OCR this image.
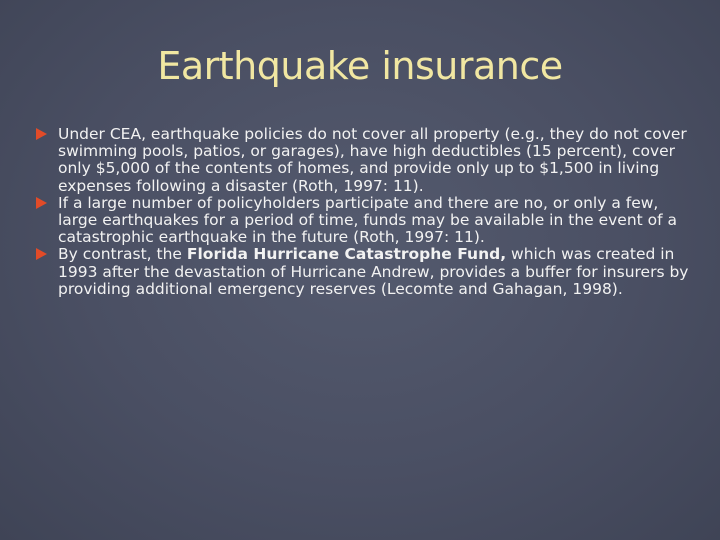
Earthquake insurance
Under CEA, earthquake policies do not cover all property (e.g., they do not cover swimming pools, patios, or garages), have high deductibles (15 percent), cover only $5,000 of the contents of homes, and provide only up to $1,500 in living expenses following a disaster (Roth, 1997: 11).
If a large number of policyholders participate and there are no, or only a few, large earthquakes for a period of time, funds may be available in the event of a catastrophic earthquake in the future (Roth, 1997: 11).
By contrast, the Florida Hurricane Catastrophe Fund, which was created in 1993 after the devastation of Hurricane Andrew, provides a buffer for insurers by providing additional emergency reserves (Lecomte and Gahagan, 1998).
